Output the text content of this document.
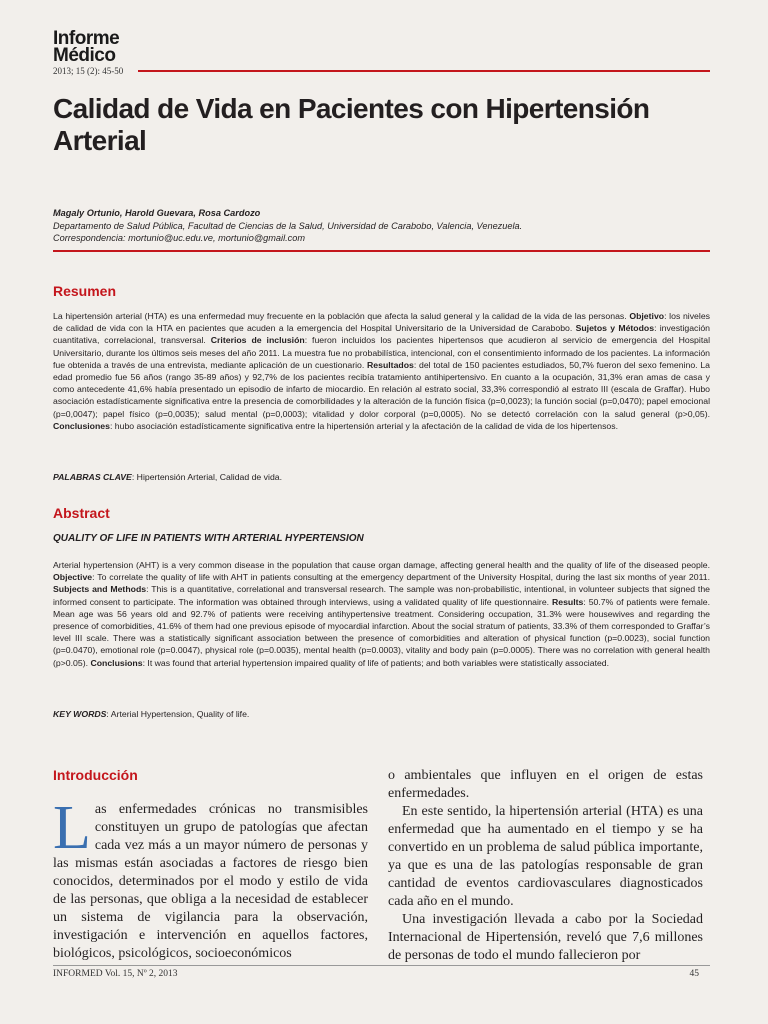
Informe
Médico
2013; 15 (2): 45-50
Calidad de Vida en Pacientes con Hipertensión Arterial
Magaly Ortunio, Harold Guevara, Rosa Cardozo
Departamento de Salud Pública, Facultad de Ciencias de la Salud, Universidad de Carabobo, Valencia, Venezuela.
Correspondencia: mortunio@uc.edu.ve, mortunio@gmail.com
Resumen
La hipertensión arterial (HTA) es una enfermedad muy frecuente en la población que afecta la salud general y la calidad de la vida de las personas. Objetivo: los niveles de calidad de vida con la HTA en pacientes que acuden a la emergencia del Hospital Universitario de la Universidad de Carabobo. Sujetos y Métodos: investigación cuantitativa, correlacional, transversal. Criterios de inclusión: fueron incluidos los pacientes hipertensos que acudieron al servicio de emergencia del Hospital Universitario, durante los últimos seis meses del año 2011. La muestra fue no probabilística, intencional, con el consentimiento informado de los pacientes. La información fue obtenida a través de una entrevista, mediante aplicación de un cuestionario. Resultados: del total de 150 pacientes estudiados, 50,7% fueron del sexo femenino. La edad promedio fue 56 años (rango 35-89 años) y 92,7% de los pacientes recibía tratamiento antihipertensivo. En cuanto a la ocupación, 31,3% eran amas de casa y como antecedente 41,6% había presentado un episodio de infarto de miocardio. En relación al estrato social, 33,3% correspondió al estrato III (escala de Graffar). Hubo asociación estadísticamente significativa entre la presencia de comorbilidades y la alteración de la función física (p=0,0023); la función social (p=0,0470); papel emocional (p=0,0047); papel físico (p=0,0035); salud mental (p=0,0003); vitalidad y dolor corporal (p=0,0005). No se detectó correlación con la salud general (p>0,05). Conclusiones: hubo asociación estadísticamente significativa entre la hipertensión arterial y la afectación de la calidad de vida de los hipertensos.
PALABRAS CLAVE: Hipertensión Arterial, Calidad de vida.
Abstract
QUALITY OF LIFE IN PATIENTS WITH ARTERIAL HYPERTENSION
Arterial hypertension (AHT) is a very common disease in the population that cause organ damage, affecting general health and the quality of life of the diseased people. Objective: To correlate the quality of life with AHT in patients consulting at the emergency department of the University Hospital, during the last six months of year 2011. Subjects and Methods: This is a quantitative, correlational and transversal research. The sample was non-probabilistic, intentional, in volunteer subjects that signed the informed consent to participate. The information was obtained through interviews, using a validated quality of life questionnaire. Results: 50.7% of patients were female. Mean age was 56 years old and 92.7% of patients were receiving antihypertensive treatment. Considering occupation, 31.3% were housewives and regarding the presence of comorbidities, 41.6% of them had one previous episode of myocardial infarction. About the social stratum of patients, 33.3% of them corresponded to Graffar’s level III scale. There was a statistically significant association between the presence of comorbidities and alteration of physical function (p=0.0023), social function (p=0.0470), emotional role (p=0.0047), physical role (p=0.0035), mental health (p=0.0003), vitality and body pain (p=0.0005). There was no correlation with general health (p>0.05). Conclusions: It was found that arterial hypertension impaired quality of life of patients; and both variables were statistically associated.
KEY WORDS: Arterial Hypertension, Quality of life.
Introducción

Las enfermedades crónicas no transmisibles constituyen un grupo de patologías que afectan cada vez más a un mayor número de personas y las mismas están asociadas a factores de riesgo bien conocidos, determinados por el modo y estilo de vida de las personas, que obliga a la necesidad de establecer un sistema de vigilancia para la observación, investigación e intervención en aquellos factores, biológicos, psicológicos, socioeconómicos

o ambientales que influyen en el origen de estas enfermedades.

En este sentido, la hipertensión arterial (HTA) es una enfermedad que ha aumentado en el tiempo y se ha convertido en un problema de salud pública importante, ya que es una de las patologías responsable de gran cantidad de eventos cardiovasculares diagnosticados cada año en el mundo.

Una investigación llevada a cabo por la Sociedad Internacional de Hipertensión, reveló que 7,6 millones de personas de todo el mundo fallecieron por

INFORMED Vol. 15, Nº 2, 2013	45
